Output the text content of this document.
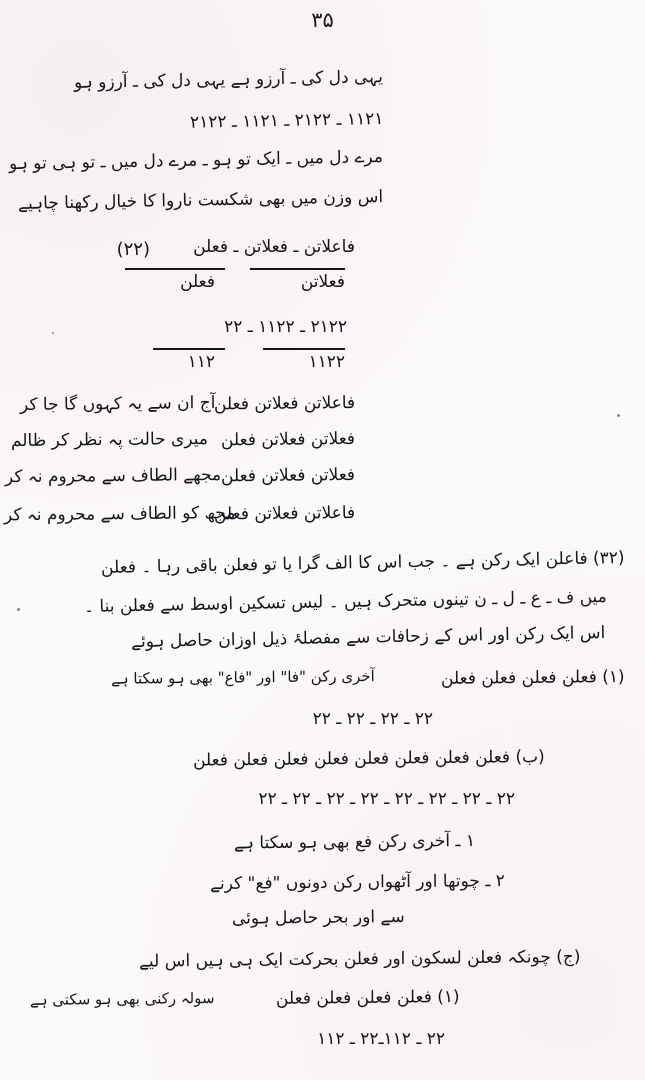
۳۵
یہی دل کی ـ آرزو ہے یہی دل کی ـ آرزو ہو
۱۲۱۱ ـ ۲۲۱۲ ـ ۱۲۱۱ ـ ۲۲۱۲
مرے دل میں ـ ایک تو ہو ـ مرے دل میں ـ تو ہی تو ہو
اس وزن میں بھی شکست ناروا کا خیال رکھنا چاہیے
(۲۲)	فاعلاتن ـ فعلاتن ـ فعلن
فعلاتن
فعلن
۲۲۱۲ ـ ۲۲۱۱ ـ ۲۲
۲۲۱۱
۲۱۱
فاعلاتن فعلاتن فعلن
آج ان سے یہ کہوں گا جا کر
فعلاتن فعلاتن فعلن
میری حالت پہ نظر کر ظالم
فعلاتن فعلاتن فعلن
مجھے الطاف سے محروم نہ کر
فاعلاتن فعلاتن فعلن
مجھ کو الطاف سے محروم نہ کر
(۲۳) فاعلن ایک رکن ہے ۔ جب اس کا الف گرا یا تو فعلن باقی رہا ۔ فعلن
میں ف ـ ع ـ ل ـ ن تینوں متحرک ہیں ۔ لیس تسکین اوسط سے فعلن بنا ۔
اس ایک رکن اور اس کے زحافات سے مفصلۂ ذیل اوزان حاصل ہوئے
(۱) فعلن فعلن فعلن فعلن
آخری رکن "فا" اور "فاع" بھی ہو سکتا ہے
۲۲ ـ ۲۲ ـ ۲۲ ـ ۲۲
(ب) فعلن فعلن فعلن فعلن فعلن فعلن فعلن فعلن
۲۲ ـ ۲۲ ـ ۲۲ ـ ۲۲ ـ ۲۲ ـ ۲۲ ـ ۲۲ ـ ۲۲
۱ ـ آخری رکن فع بھی ہو سکتا ہے
۲ ـ چوتھا اور آٹھواں رکن دونوں "فع" کرنے
سے اور بحر حاصل ہوئی
(ج) چونکہ فعلن لسکون اور فعلن بحرکت ایک ہی ہیں اس لیے
(۱) فعلن فعلن فعلن فعلن
سولہ رکنی بھی ہو سکتی ہے
۲۲ ـ ۲۱۱ـ۲۲ ـ ۲۱۱
